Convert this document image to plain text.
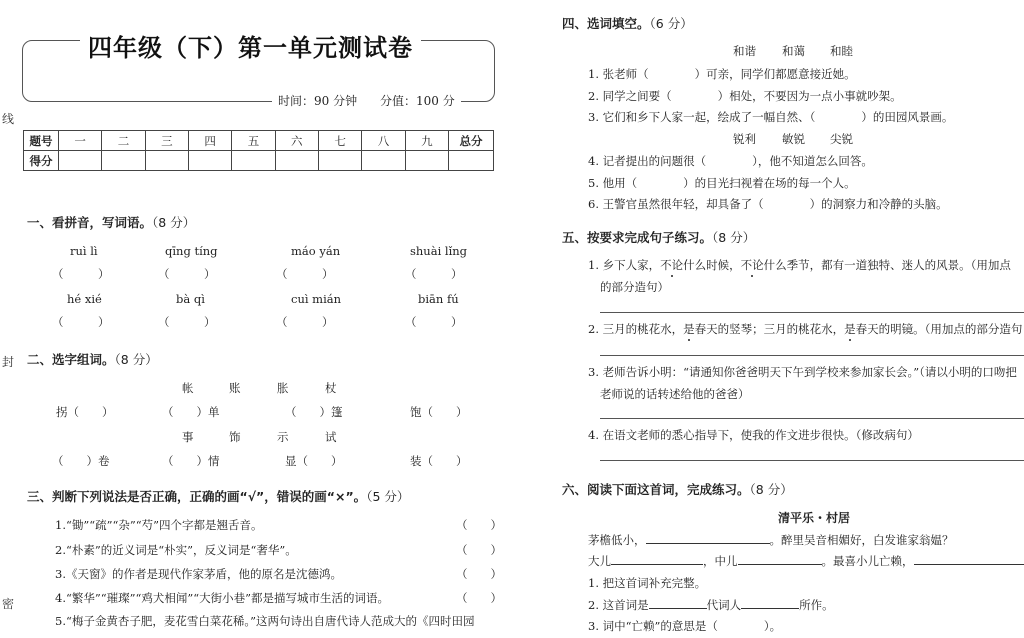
线
封
密
四年级（下）第一单元测试卷
时间：90 分钟 分值：100 分
题号	一	二	三	四	五	六	七	八	九	总分
得分										
一、看拼音，写词语。（8 分）
ruì lì	qīng tíng	máo yán	shuài lǐng
（　　　）	（　　　）	（　　　）	（　　　）
hé xié	bà qì	cuì mián	biān fú
（　　　）	（　　　）	（　　　）	（　　　）
二、选字组词。（8 分）
帐	账	胀	杖
拐（　　）	（　　）单	（　　）篷	饱（　　）
事	饰	示	试
（　　）卷	（　　）情	显（　　）	装（　　）
三、判断下列说法是否正确，正确的画“√”，错误的画“×”。（5 分）
1.“锄”“疏”“杂”“芍”四个字都是翘舌音。	（　　）
2.“朴素”的近义词是“朴实”，反义词是“奢华”。	（　　）
3.《天窗》的作者是现代作家茅盾，他的原名是沈德鸿。	（　　）
4.“繁华”“璀璨”“鸡犬相闻”“大街小巷”都是描写城市生活的词语。	（　　）
5.“梅子金黄杏子肥，麦花雪白菜花稀。”这两句诗出自唐代诗人范成大的《四时田园
四、选词填空。（6 分）
和谐 和蔼 和睦
1. 张老师（　　　　）可亲，同学们都愿意接近她。
2. 同学之间要（　　　　）相处，不要因为一点小事就吵架。
3. 它们和乡下人家一起，绘成了一幅自然、（　　　　）的田园风景画。
锐利 敏锐 尖锐
4. 记者提出的问题很（　　　　），他不知道怎么回答。
5. 他用（　　　　）的目光扫视着在场的每一个人。
6. 王警官虽然很年轻，却具备了（　　　　）的洞察力和冷静的头脑。
五、按要求完成句子练习。（8 分）
1. 乡下人家，不论什么时候，不论什么季节，都有一道独特、迷人的风景。（用加点
的部分造句）
2. 三月的桃花水，是春天的竖琴；三月的桃花水，是春天的明镜。（用加点的部分造句
3. 老师告诉小明：“请通知你爸爸明天下午到学校来参加家长会。”（请以小明的口吻把
老师说的话转述给他的爸爸）
4. 在语文老师的悉心指导下，使我的作文进步很快。（修改病句）
六、阅读下面这首词，完成练习。（8 分）
清平乐・村居
茅檐低小，	。醉里吴音相媚好，白发谁家翁媪？
大儿	，中儿	。最喜小儿亡赖，
1. 把这首词补充完整。
2. 这首词是	代词人	所作。
3. 词中“亡赖”的意思是（　　　　）。
